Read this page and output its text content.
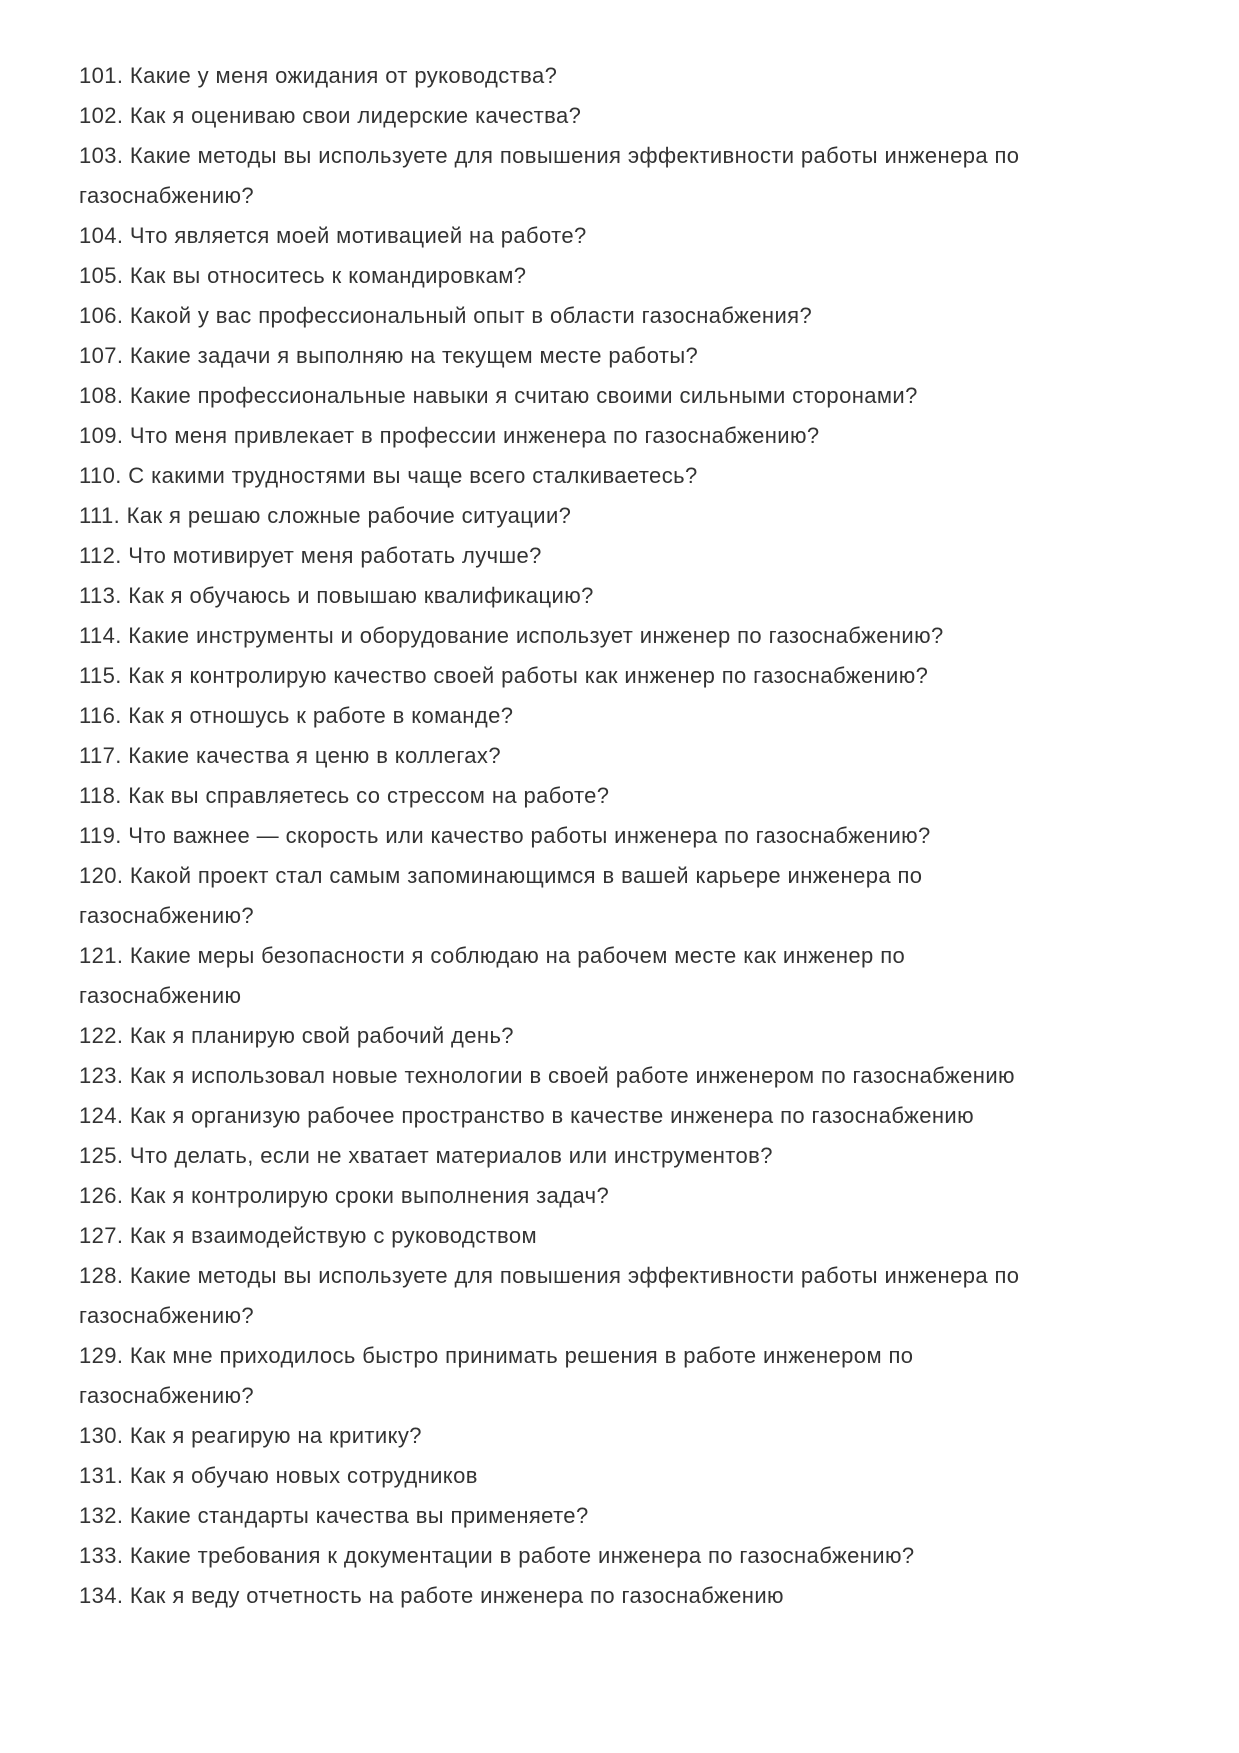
101. Какие у меня ожидания от руководства?
102. Как я оцениваю свои лидерские качества?
103. Какие методы вы используете для повышения эффективности работы инженера по
газоснабжению?
104. Что является моей мотивацией на работе?
105. Как вы относитесь к командировкам?
106. Какой у вас профессиональный опыт в области газоснабжения?
107. Какие задачи я выполняю на текущем месте работы?
108. Какие профессиональные навыки я считаю своими сильными сторонами?
109. Что меня привлекает в профессии инженера по газоснабжению?
110. С какими трудностями вы чаще всего сталкиваетесь?
111. Как я решаю сложные рабочие ситуации?
112. Что мотивирует меня работать лучше?
113. Как я обучаюсь и повышаю квалификацию?
114. Какие инструменты и оборудование использует инженер по газоснабжению?
115. Как я контролирую качество своей работы как инженер по газоснабжению?
116. Как я отношусь к работе в команде?
117. Какие качества я ценю в коллегах?
118. Как вы справляетесь со стрессом на работе?
119. Что важнее — скорость или качество работы инженера по газоснабжению?
120. Какой проект стал самым запоминающимся в вашей карьере инженера по
газоснабжению?
121. Какие меры безопасности я соблюдаю на рабочем месте как инженер по
газоснабжению
122. Как я планирую свой рабочий день?
123. Как я использовал новые технологии в своей работе инженером по газоснабжению
124. Как я организую рабочее пространство в качестве инженера по газоснабжению
125. Что делать, если не хватает материалов или инструментов?
126. Как я контролирую сроки выполнения задач?
127. Как я взаимодействую с руководством
128. Какие методы вы используете для повышения эффективности работы инженера по
газоснабжению?
129. Как мне приходилось быстро принимать решения в работе инженером по
газоснабжению?
130. Как я реагирую на критику?
131. Как я обучаю новых сотрудников
132. Какие стандарты качества вы применяете?
133. Какие требования к документации в работе инженера по газоснабжению?
134. Как я веду отчетность на работе инженера по газоснабжению
